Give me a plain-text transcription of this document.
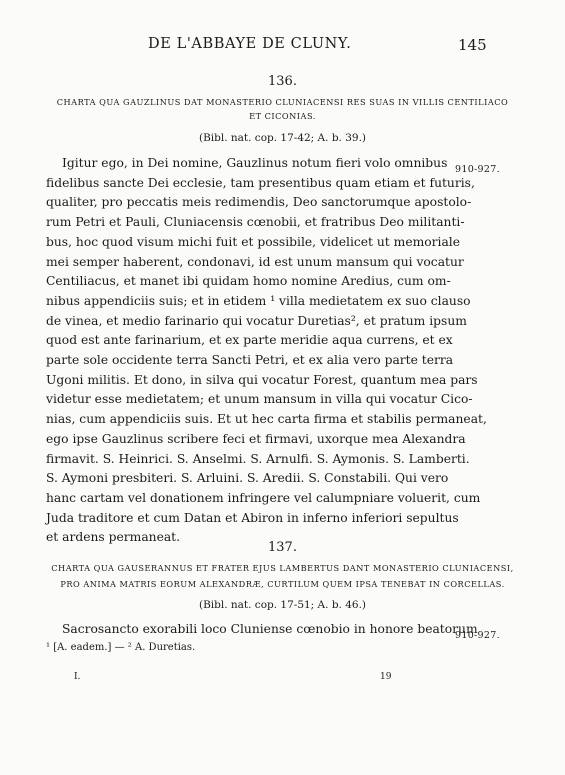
DE L'ABBAYE DE CLUNY.	145
136.
CHARTA QUA GAUZLINUS DAT MONASTERIO CLUNIACENSI RES SUAS IN VILLIS CENTILIACO
ET CICONIAS.
(Bibl. nat. cop. 17-42; A. b. 39.)
910-927.

Igitur ego, in Dei nomine, Gauzlinus notum fieri volo omnibus
fidelibus sancte Dei ecclesie, tam presentibus quam etiam et futuris,
qualiter, pro peccatis meis redimendis, Deo sanctorumque apostolo-
rum Petri et Pauli, Cluniacensis cœnobii, et fratribus Deo militanti-
bus, hoc quod visum michi fuit et possibile, videlicet ut memoriale
mei semper haberent, condonavi, id est unum mansum qui vocatur
Centiliacus, et manet ibi quidam homo nomine Aredius, cum om-
nibus appendiciis suis; et in etidem ¹ villa medietatem ex suo clauso
de vinea, et medio farinario qui vocatur Duretias², et pratum ipsum
quod est ante farinarium, et ex parte meridie aqua currens, et ex
parte sole occidente terra Sancti Petri, et ex alia vero parte terra
Ugoni militis. Et dono, in silva qui vocatur Forest, quantum mea pars
videtur esse medietatem; et unum mansum in villa qui vocatur Cico-
nias, cum appendiciis suis. Et ut hec carta firma et stabilis permaneat,
ego ipse Gauzlinus scribere feci et firmavi, uxorque mea Alexandra
firmavit. S. Heinrici. S. Anselmi. S. Arnulfi. S. Aymonis. S. Lamberti.
S. Aymoni presbiteri. S. Arluini. S. Aredii. S. Constabili. Qui vero
hanc cartam vel donationem infringere vel calumpniare voluerit, cum
Juda traditore et cum Datan et Abiron in inferno inferiori sepultus
et ardens permaneat.

137.
CHARTA QUA GAUSERANNUS ET FRATER EJUS LAMBERTUS DANT MONASTERIO CLUNIACENSI,
PRO ANIMA MATRIS EORUM ALEXANDRÆ, CURTILUM QUEM IPSA TENEBAT IN CORCELLAS.
(Bibl. nat. cop. 17-51; A. b. 46.)
910-927.

Sacrosancto exorabili loco Cluniense cœnobio in honore beatorum

¹ [A. eadem.] — ² A. Duretias.
I.	19
